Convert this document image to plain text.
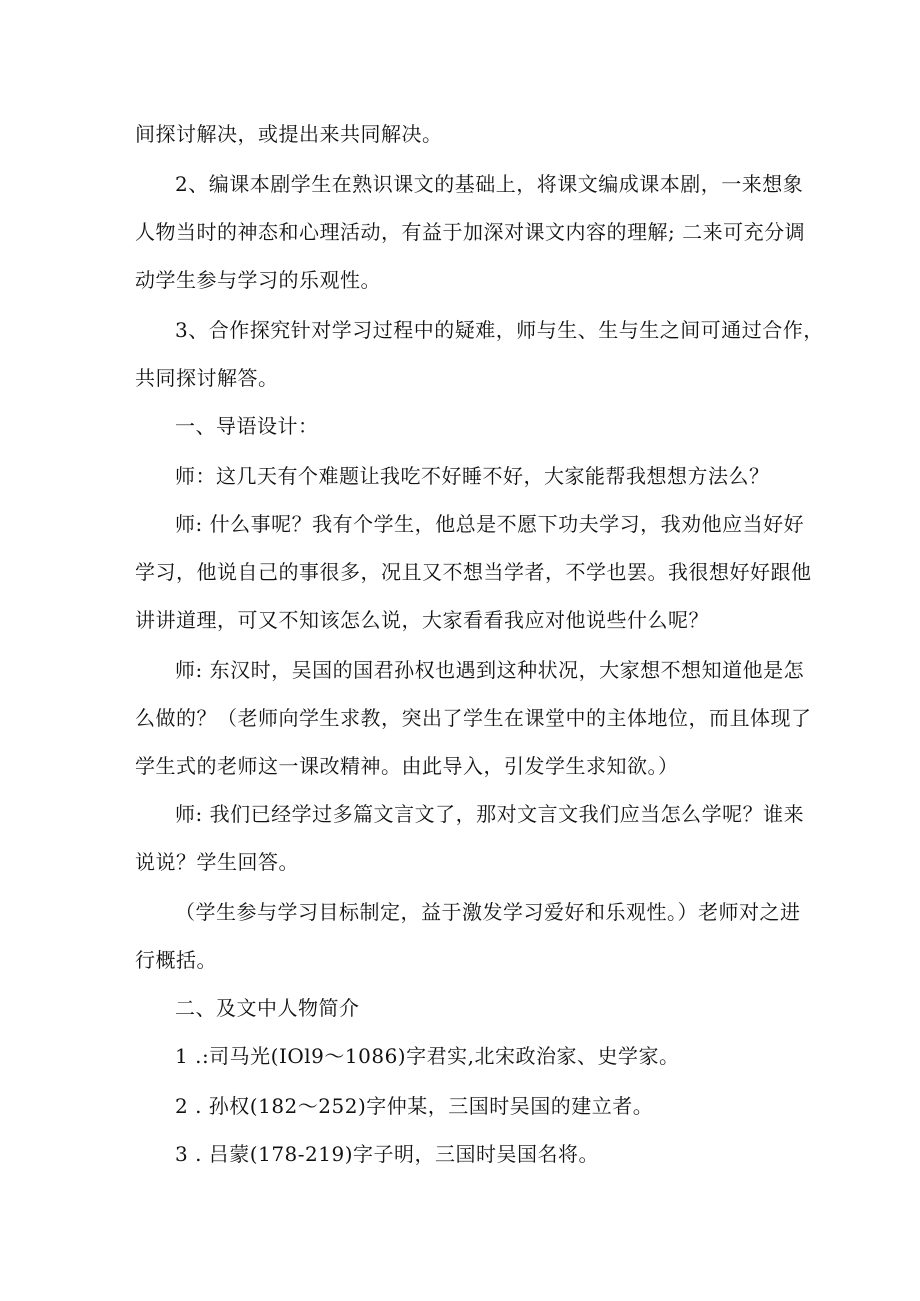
间探讨解决，或提出来共同解决。

2、编课本剧学生在熟识课文的基础上，将课文编成课本剧，一来想象
人物当时的神态和心理活动，有益于加深对课文内容的理解; 二来可充分调
动学生参与学习的乐观性。

3、合作探究针对学习过程中的疑难，师与生、生与生之间可通过合作，
共同探讨解答。

一、导语设计：

师：这几天有个难题让我吃不好睡不好，大家能帮我想想方法么？

师: 什么事呢？我有个学生，他总是不愿下功夫学习，我劝他应当好好
学习，他说自己的事很多，况且又不想当学者，不学也罢。我很想好好跟他
讲讲道理，可又不知该怎么说，大家看看我应对他说些什么呢？

师: 东汉时，吴国的国君孙权也遇到这种状况，大家想不想知道他是怎
么做的？（老师向学生求教，突出了学生在课堂中的主体地位，而且体现了
学生式的老师这一课改精神。由此导入，引发学生求知欲。）

师: 我们已经学过多篇文言文了，那对文言文我们应当怎么学呢？谁来
说说？学生回答。

（学生参与学习目标制定，益于激发学习爱好和乐观性。）老师对之进
行概括。

二、及文中人物简介

1 .:司马光(IOl9～1086)字君实,北宋政治家、史学家。

2 . 孙权(182～252)字仲某，三国时吴国的建立者。

3 . 吕蒙(178-219)字子明，三国时吴国名将。
